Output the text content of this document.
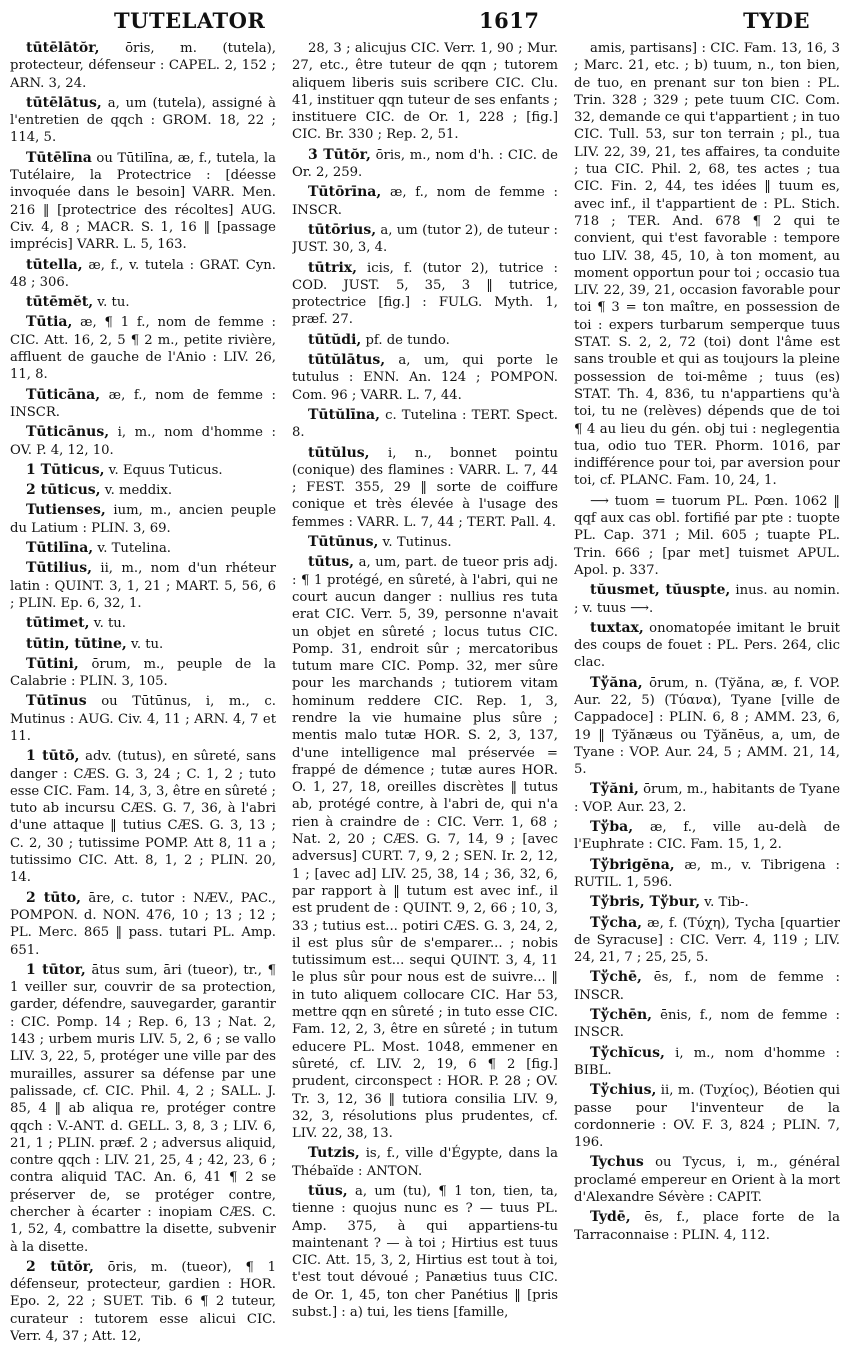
TUTELATOR	1617	TYDE

tūtēlātŏr, ōris, m. (tutela), protecteur, défenseur : CAPEL. 2, 152 ; ARN. 3, 24.

tūtēlātus, a, um (tutela), assigné à l'entretien de qqch : GROM. 18, 22 ; 114, 5.

Tūtēlīna ou Tūtilīna, æ, f., tutela, la Tutélaire, la Protectrice : [déesse invoquée dans le besoin] VARR. Men. 216 ‖ [protectrice des récoltes] AUG. Civ. 4, 8 ; MACR. S. 1, 16 ‖ [passage imprécis] VARR. L. 5, 163.

tūtella, æ, f., v. tutela : GRAT. Cyn. 48 ; 306.

tūtēmĕt, v. tu.

Tūtia, æ, ¶ 1 f., nom de femme : CIC. Att. 16, 2, 5 ¶ 2 m., petite rivière, affluent de gauche de l'Anio : LIV. 26, 11, 8.

Tūticāna, æ, f., nom de femme : INSCR.

Tūticānus, i, m., nom d'homme : OV. P. 4, 12, 10.

1 Tūticus, v. Equus Tuticus.

2 tūticus, v. meddix.

Tutienses, ium, m., ancien peuple du Latium : PLIN. 3, 69.

Tūtilīna, v. Tutelina.

Tūtilius, ii, m., nom d'un rhéteur latin : QUINT. 3, 1, 21 ; MART. 5, 56, 6 ; PLIN. Ep. 6, 32, 1.

tūtimet, v. tu.

tūtin, tūtine, v. tu.

Tūtini, ōrum, m., peuple de la Calabrie : PLIN. 3, 105.

Tūtīnus ou Tūtūnus, i, m., c. Mutinus : AUG. Civ. 4, 11 ; ARN. 4, 7 et 11.

1 tūtō, adv. (tutus), en sûreté, sans danger : CÆS. G. 3, 24 ; C. 1, 2 ; tuto esse CIC. Fam. 14, 3, 3, être en sûreté ; tuto ab incursu CÆS. G. 7, 36, à l'abri d'une attaque ‖ tutius CÆS. G. 3, 13 ; C. 2, 30 ; tutissime POMP. Att 8, 11 a ; tutissimo CIC. Att. 8, 1, 2 ; PLIN. 20, 14.

2 tūto, āre, c. tutor : NÆV., PAC., POMPON. d. NON. 476, 10 ; 13 ; 12 ; PL. Merc. 865 ‖ pass. tutari PL. Amp. 651.

1 tūtor, ātus sum, āri (tueor), tr., ¶ 1 veiller sur, couvrir de sa protection, garder, défendre, sauvegarder, garantir : CIC. Pomp. 14 ; Rep. 6, 13 ; Nat. 2, 143 ; urbem muris LIV. 5, 2, 6 ; se vallo LIV. 3, 22, 5, protéger une ville par des murailles, assurer sa défense par une palissade, cf. CIC. Phil. 4, 2 ; SALL. J. 85, 4 ‖ ab aliqua re, protéger contre qqch : V.-ANT. d. GELL. 3, 8, 3 ; LIV. 6, 21, 1 ; PLIN. præf. 2 ; adversus aliquid, contre qqch : LIV. 21, 25, 4 ; 42, 23, 6 ; contra aliquid TAC. An. 6, 41 ¶ 2 se préserver de, se protéger contre, chercher à écarter : inopiam CÆS. C. 1, 52, 4, combattre la disette, subvenir à la disette.

2 tūtŏr, ōris, m. (tueor), ¶ 1 défenseur, protecteur, gardien : HOR. Epo. 2, 22 ; SUET. Tib. 6 ¶ 2 tuteur, curateur : tutorem esse alicui CIC. Verr. 4, 37 ; Att. 12,

28, 3 ; alicujus CIC. Verr. 1, 90 ; Mur. 27, etc., être tuteur de qqn ; tutorem aliquem liberis suis scribere CIC. Clu. 41, instituer qqn tuteur de ses enfants ; instituere CIC. de Or. 1, 228 ; [fig.] CIC. Br. 330 ; Rep. 2, 51.

3 Tūtŏr, ōris, m., nom d'h. : CIC. de Or. 2, 259.

Tūtōrīna, æ, f., nom de femme : INSCR.

tūtōrius, a, um (tutor 2), de tuteur : JUST. 30, 3, 4.

tūtrix, icis, f. (tutor 2), tutrice : COD. JUST. 5, 35, 3 ‖ tutrice, protectrice [fig.] : FULG. Myth. 1, præf. 27.

tūtŭdi, pf. de tundo.

tūtŭlātus, a, um, qui porte le tutulus : ENN. An. 124 ; POMPON. Com. 96 ; VARR. L. 7, 44.

Tūtŭlīna, c. Tutelina : TERT. Spect. 8.

tūtŭlus, i, n., bonnet pointu (conique) des flamines : VARR. L. 7, 44 ; FEST. 355, 29 ‖ sorte de coiffure conique et très élevée à l'usage des femmes : VARR. L. 7, 44 ; TERT. Pall. 4.

Tūtūnus, v. Tutinus.

tūtus, a, um, part. de tueor pris adj. : ¶ 1 protégé, en sûreté, à l'abri, qui ne court aucun danger : nullius res tuta erat CIC. Verr. 5, 39, personne n'avait un objet en sûreté ; locus tutus CIC. Pomp. 31, endroit sûr ; mercatoribus tutum mare CIC. Pomp. 32, mer sûre pour les marchands ; tutiorem vitam hominum reddere CIC. Rep. 1, 3, rendre la vie humaine plus sûre ; mentis malo tutæ HOR. S. 2, 3, 137, d'une intelligence mal préservée = frappé de démence ; tutæ aures HOR. O. 1, 27, 18, oreilles discrètes ‖ tutus ab, protégé contre, à l'abri de, qui n'a rien à craindre de : CIC. Verr. 1, 68 ; Nat. 2, 20 ; CÆS. G. 7, 14, 9 ; [avec adversus] CURT. 7, 9, 2 ; SEN. Ir. 2, 12, 1 ; [avec ad] LIV. 25, 38, 14 ; 36, 32, 6, par rapport à ‖ tutum est avec inf., il est prudent de : QUINT. 9, 2, 66 ; 10, 3, 33 ; tutius est... potiri CÆS. G. 3, 24, 2, il est plus sûr de s'emparer... ; nobis tutissimum est... sequi QUINT. 3, 4, 11 le plus sûr pour nous est de suivre... ‖ in tuto aliquem collocare CIC. Har 53, mettre qqn en sûreté ; in tuto esse CIC. Fam. 12, 2, 3, être en sûreté ; in tutum educere PL. Most. 1048, emmener en sûreté, cf. LIV. 2, 19, 6 ¶ 2 [fig.] prudent, circonspect : HOR. P. 28 ; OV. Tr. 3, 12, 36 ‖ tutiora consilia LIV. 9, 32, 3, résolutions plus prudentes, cf. LIV. 22, 38, 13.

Tutzis, is, f., ville d'Égypte, dans la Thébaïde : ANTON.

tŭus, a, um (tu), ¶ 1 ton, tien, ta, tienne : quojus nunc es ? — tuus PL. Amp. 375, à qui appartiens-tu maintenant ? — à toi ; Hirtius est tuus CIC. Att. 15, 3, 2, Hirtius est tout à toi, t'est tout dévoué ; Panætius tuus CIC. de Or. 1, 45, ton cher Panétius ‖ [pris subst.] : a) tui, les tiens [famille,

amis, partisans] : CIC. Fam. 13, 16, 3 ; Marc. 21, etc. ; b) tuum, n., ton bien, de tuo, en prenant sur ton bien : PL. Trin. 328 ; 329 ; pete tuum CIC. Com. 32, demande ce qui t'appartient ; in tuo CIC. Tull. 53, sur ton terrain ; pl., tua LIV. 22, 39, 21, tes affaires, ta conduite ; tua CIC. Phil. 2, 68, tes actes ; tua CIC. Fin. 2, 44, tes idées ‖ tuum es, avec inf., il t'appartient de : PL. Stich. 718 ; TER. And. 678 ¶ 2 qui te convient, qui t'est favorable : tempore tuo LIV. 38, 45, 10, à ton moment, au moment opportun pour toi ; occasio tua LIV. 22, 39, 21, occasion favorable pour toi ¶ 3 = ton maître, en possession de toi : expers turbarum semperque tuus STAT. S. 2, 2, 72 (toi) dont l'âme est sans trouble et qui as toujours la pleine possession de toi-même ; tuus (es) STAT. Th. 4, 836, tu n'appartiens qu'à toi, tu ne (relèves) dépends que de toi ¶ 4 au lieu du gén. obj tui : neglegentia tua, odio tuo TER. Phorm. 1016, par indifférence pour toi, par aversion pour toi, cf. PLANC. Fam. 10, 24, 1.

⟶ tuom = tuorum PL. Pœn. 1062 ‖ qqf aux cas obl. fortifié par pte : tuopte PL. Cap. 371 ; Mil. 605 ; tuapte PL. Trin. 666 ; [par met] tuismet APUL. Apol. p. 337.

tŭusmet, tŭuspte, inus. au nomin. ; v. tuus ⟶.

tuxtax, onomatopée imitant le bruit des coups de fouet : PL. Pers. 264, clic clac.

Tўăna, ōrum, n. (Tўăna, æ, f. VOP. Aur. 22, 5) (Τύανα), Tyane [ville de Cappadoce] : PLIN. 6, 8 ; AMM. 23, 6, 19 ‖ Tўănæus ou Tўănēus, a, um, de Tyane : VOP. Aur. 24, 5 ; AMM. 21, 14, 5.

Tўăni, ōrum, m., habitants de Tyane : VOP. Aur. 23, 2.

Tўba, æ, f., ville au-delà de l'Euphrate : CIC. Fam. 15, 1, 2.

Tўbrigĕna, æ, m., v. Tibrigena : RUTIL. 1, 596.

Tўbris, Tўbur, v. Tib-.

Tўcha, æ, f. (Τύχη), Tycha [quartier de Syracuse] : CIC. Verr. 4, 119 ; LIV. 24, 21, 7 ; 25, 25, 5.

Tўchē, ēs, f., nom de femme : INSCR.

Tўchēn, ēnis, f., nom de femme : INSCR.

Tўchĭcus, i, m., nom d'homme : BIBL.

Tўchius, ii, m. (Τυχίος), Béotien qui passe pour l'inventeur de la cordonnerie : OV. F. 3, 824 ; PLIN. 7, 196.

Tychus ou Tycus, i, m., général proclamé empereur en Orient à la mort d'Alexandre Sévère : CAPIT.

Tydē, ēs, f., place forte de la Tarraconnaise : PLIN. 4, 112.
